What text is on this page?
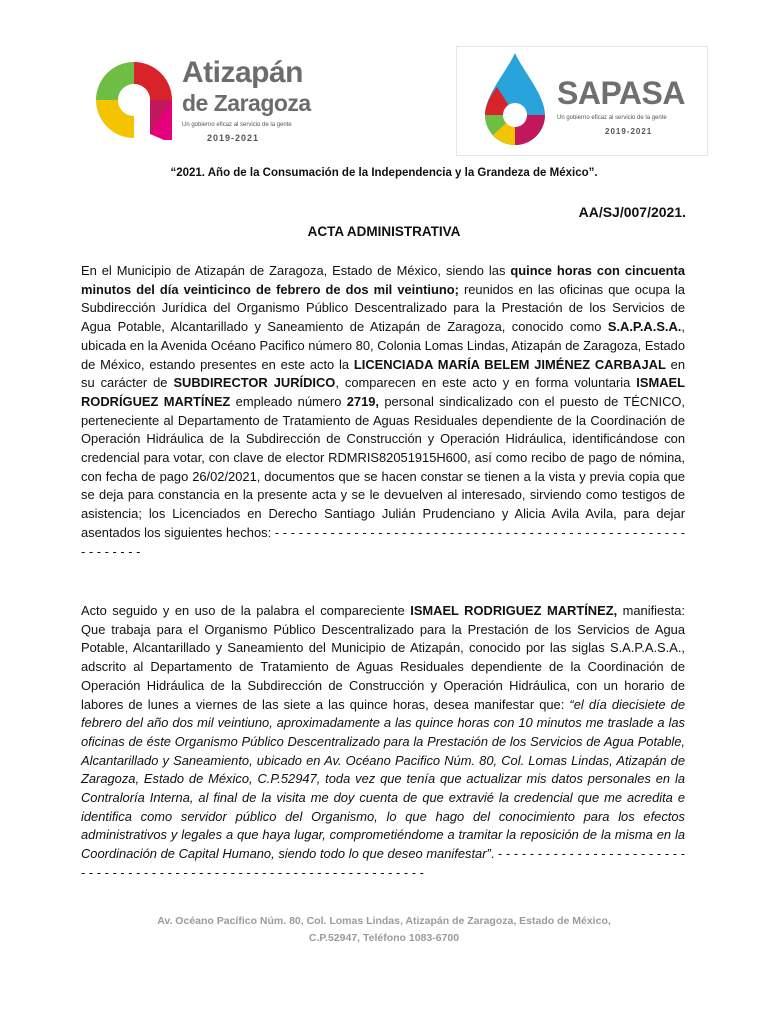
Atizapán
de Zaragoza
Un gobierno eficaz al servicio de la gente
2019-2021
SAPASA
Un gobierno eficaz al servicio de la gente
2019-2021
“2021. Año de la Consumación de la Independencia y la Grandeza de México”.
AA/SJ/007/2021.
ACTA ADMINISTRATIVA

En el Municipio de Atizapán de Zaragoza, Estado de México, siendo las quince horas con cincuenta minutos del día veinticinco de febrero de dos mil veintiuno; reunidos en las oficinas que ocupa la Subdirección Jurídica del Organismo Público Descentralizado para la Prestación de los Servicios de Agua Potable, Alcantarillado y Saneamiento de Atizapán de Zaragoza, conocido como S.A.P.A.S.A., ubicada en la Avenida Océano Pacifico número 80, Colonia Lomas Lindas, Atizapán de Zaragoza, Estado de México, estando presentes en este acto la LICENCIADA MARÍA BELEM JIMÉNEZ CARBAJAL en su carácter de SUBDIRECTOR JURÍDICO, comparecen en este acto y en forma voluntaria ISMAEL RODRÍGUEZ MARTÍNEZ empleado número 2719, personal sindicalizado con el puesto de TÉCNICO, perteneciente al Departamento de Tratamiento de Aguas Residuales dependiente de la Coordinación de Operación Hidráulica de la Subdirección de Construcción y Operación Hidráulica, identificándose con credencial para votar, con clave de elector RDMRIS82051915H600, así como recibo de pago de nómina, con fecha de pago 26/02/2021, documentos que se hacen constar se tienen a la vista y previa copia que se deja para constancia en la presente acta y se le devuelven al interesado, sirviendo como testigos de asistencia; los Licenciados en Derecho Santiago Julián Prudenciano y Alicia Avila Avila, para dejar asentados los siguientes hechos: - - - - - - - - - - - - - - - - - - - - - - - - - - - - - - - - - - - - - - - - - - - - - - - - - - - - - - - - - - - -

Acto seguido y en uso de la palabra el compareciente ISMAEL RODRIGUEZ MARTÍNEZ, manifiesta: Que trabaja para el Organismo Público Descentralizado para la Prestación de los Servicios de Agua Potable, Alcantarillado y Saneamiento del Municipio de Atizapán, conocido por las siglas S.A.P.A.S.A., adscrito al Departamento de Tratamiento de Aguas Residuales dependiente de la Coordinación de Operación Hidráulica de la Subdirección de Construcción y Operación Hidráulica, con un horario de labores de lunes a viernes de las siete a las quince horas, desea manifestar que: “el día diecisiete de febrero del año dos mil veintiuno, aproximadamente a las quince horas con 10 minutos me traslade a las oficinas de éste Organismo Público Descentralizado para la Prestación de los Servicios de Agua Potable, Alcantarillado y Saneamiento, ubicado en Av. Océano Pacifico Núm. 80, Col. Lomas Lindas, Atizapán de Zaragoza, Estado de México, C.P.52947, toda vez que tenía que actualizar mis datos personales en la Contraloría Interna, al final de la visita me doy cuenta de que extravié la credencial que me acredita e identifica como servidor público del Organismo, lo que hago del conocimiento para los efectos administrativos y legales a que haya lugar, comprometiéndome a tramitar la reposición de la misma en la Coordinación de Capital Humano, siendo todo lo que deseo manifestar”. - - - - - - - - - - - - - - - - - - - - - - - - - - - - - - - - - - - - - - - - - - - - - - - - - - - - - - - - - - - - - - - - - - - -

Av. Océano Pacífico Núm. 80, Col. Lomas Lindas, Atizapán de Zaragoza, Estado de México,
C.P.52947, Teléfono 1083-6700
